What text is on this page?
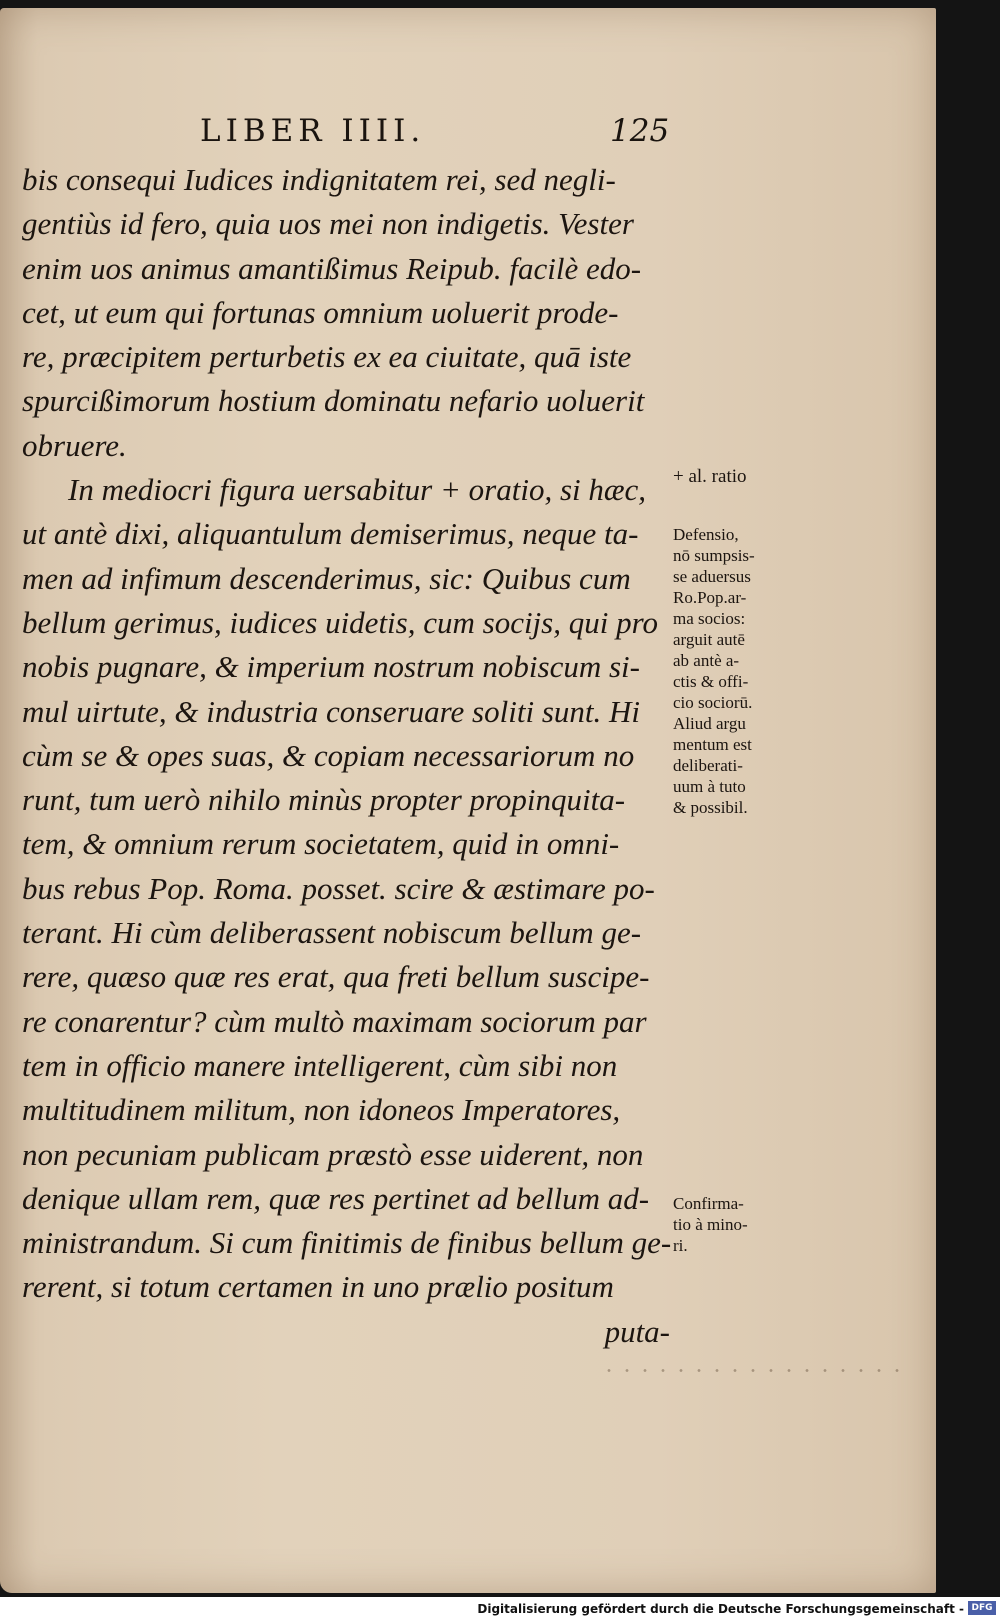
LIBER IIII.	125
bis consequi Iudices indignitatem rei, sed negli-
gentiùs id fero, quia uos mei non indigetis. Vester
enim uos animus amantißimus Reipub. facilè edo-
cet, ut eum qui fortunas omnium uoluerit prode-
re, præcipitem perturbetis ex ea ciuitate, quā iste
spurcißimorum hostium dominatu nefario uoluerit
obruere.
In mediocri figura uersabitur + oratio, si hæc,
ut antè dixi, aliquantulum demiserimus, neque ta-
men ad infimum descenderimus, sic: Quibus cum
bellum gerimus, iudices uidetis, cum socijs, qui pro
nobis pugnare, & imperium nostrum nobiscum si-
mul uirtute, & industria conseruare soliti sunt. Hi
cùm se & opes suas, & copiam necessariorum no
runt, tum uerò nihilo minùs propter propinquita-
tem, & omnium rerum societatem, quid in omni-
bus rebus Pop. Roma. posset. scire & æstimare po-
terant. Hi cùm deliberassent nobiscum bellum ge-
rere, quæso quæ res erat, qua freti bellum suscipe-
re conarentur? cùm multò maximam sociorum par
tem in officio manere intelligerent, cùm sibi non
multitudinem militum, non idoneos Imperatores,
non pecuniam publicam præstò esse uiderent, non
denique ullam rem, quæ res pertinet ad bellum ad-
ministrandum. Si cum finitimis de finibus bellum ge-
rerent, si totum certamen in uno prælio positum
puta-
+ al. ratio
Defensio,
nō sumpsis-
se aduersus
Ro.Pop.ar-
ma socios:
arguit autē
ab antè a-
ctis & offi-
cio sociorū.
Aliud argu
mentum est
deliberati-
uum à tuto
& possibil.
Confirma-
tio à mino-
ri.
Digitalisierung gefördert durch die Deutsche Forschungsgemeinschaft - DFG
